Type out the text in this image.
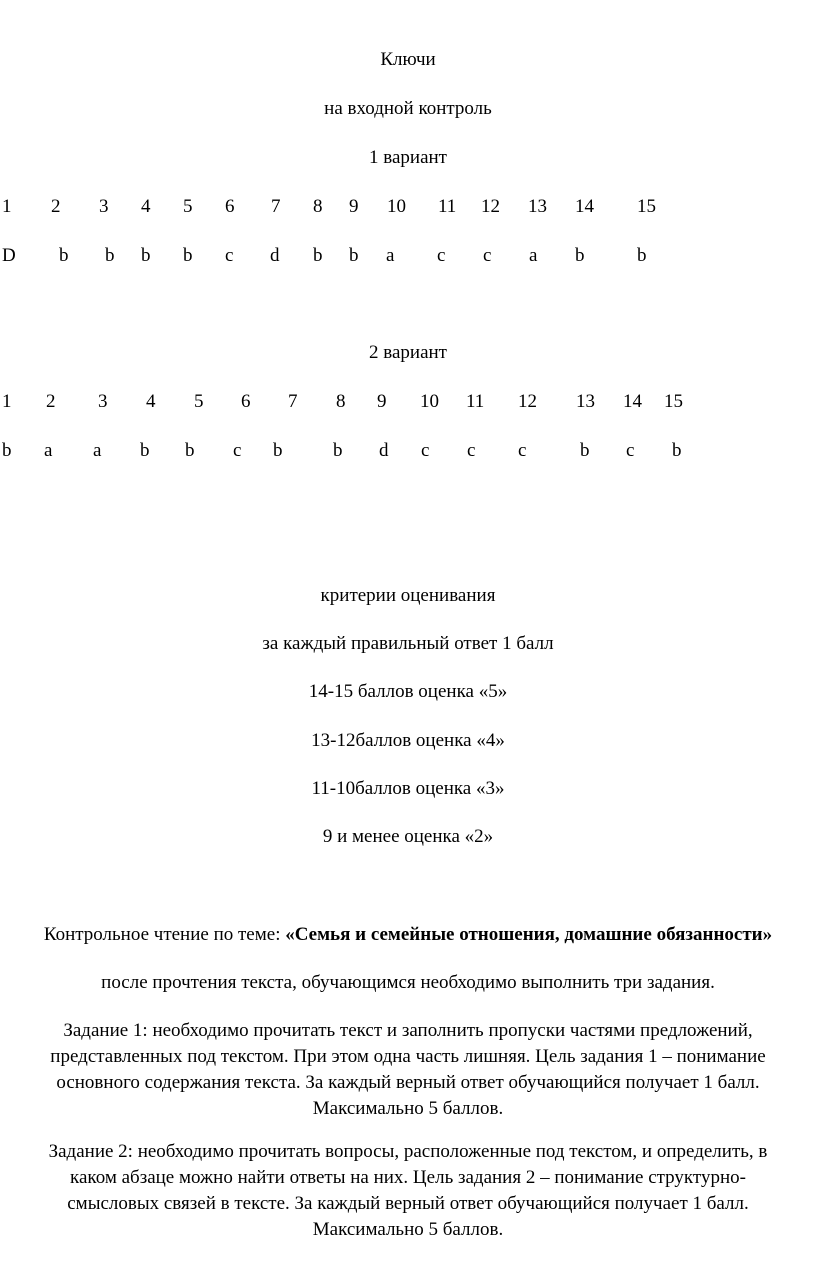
Ключи
на входной контроль
1 вариант
1 2 3 4 5 6 7 8 9 10 11 12 13 14 15
D b b b b c d b b a c c a b	b
2 вариант
1 2 3 4 5 6 7 8 9 10 11 12 13 14 15
b a a b b c b	b d c c c	b c b
критерии оценивания
за каждый правильный ответ 1 балл
14-15 баллов оценка «5»
13-12баллов оценка «4»
11-10баллов оценка «3»
9 и менее оценка «2»
Контрольное чтение по теме: «Семья и семейные отношения, домашние обязанности»
после прочтения текста, обучающимся необходимо выполнить три задания.
Задание 1: необходимо прочитать текст и заполнить пропуски частями предложений,
представленных под текстом. При этом одна часть лишняя. Цель задания 1 – понимание
основного содержания текста. За каждый верный ответ обучающийся получает 1 балл.
Максимально 5 баллов.
Задание 2: необходимо прочитать вопросы, расположенные под текстом, и определить, в
каком абзаце можно найти ответы на них. Цель задания 2 – понимание структурно-
смысловых связей в тексте. За каждый верный ответ обучающийся получает 1 балл.
Максимально 5 баллов.
